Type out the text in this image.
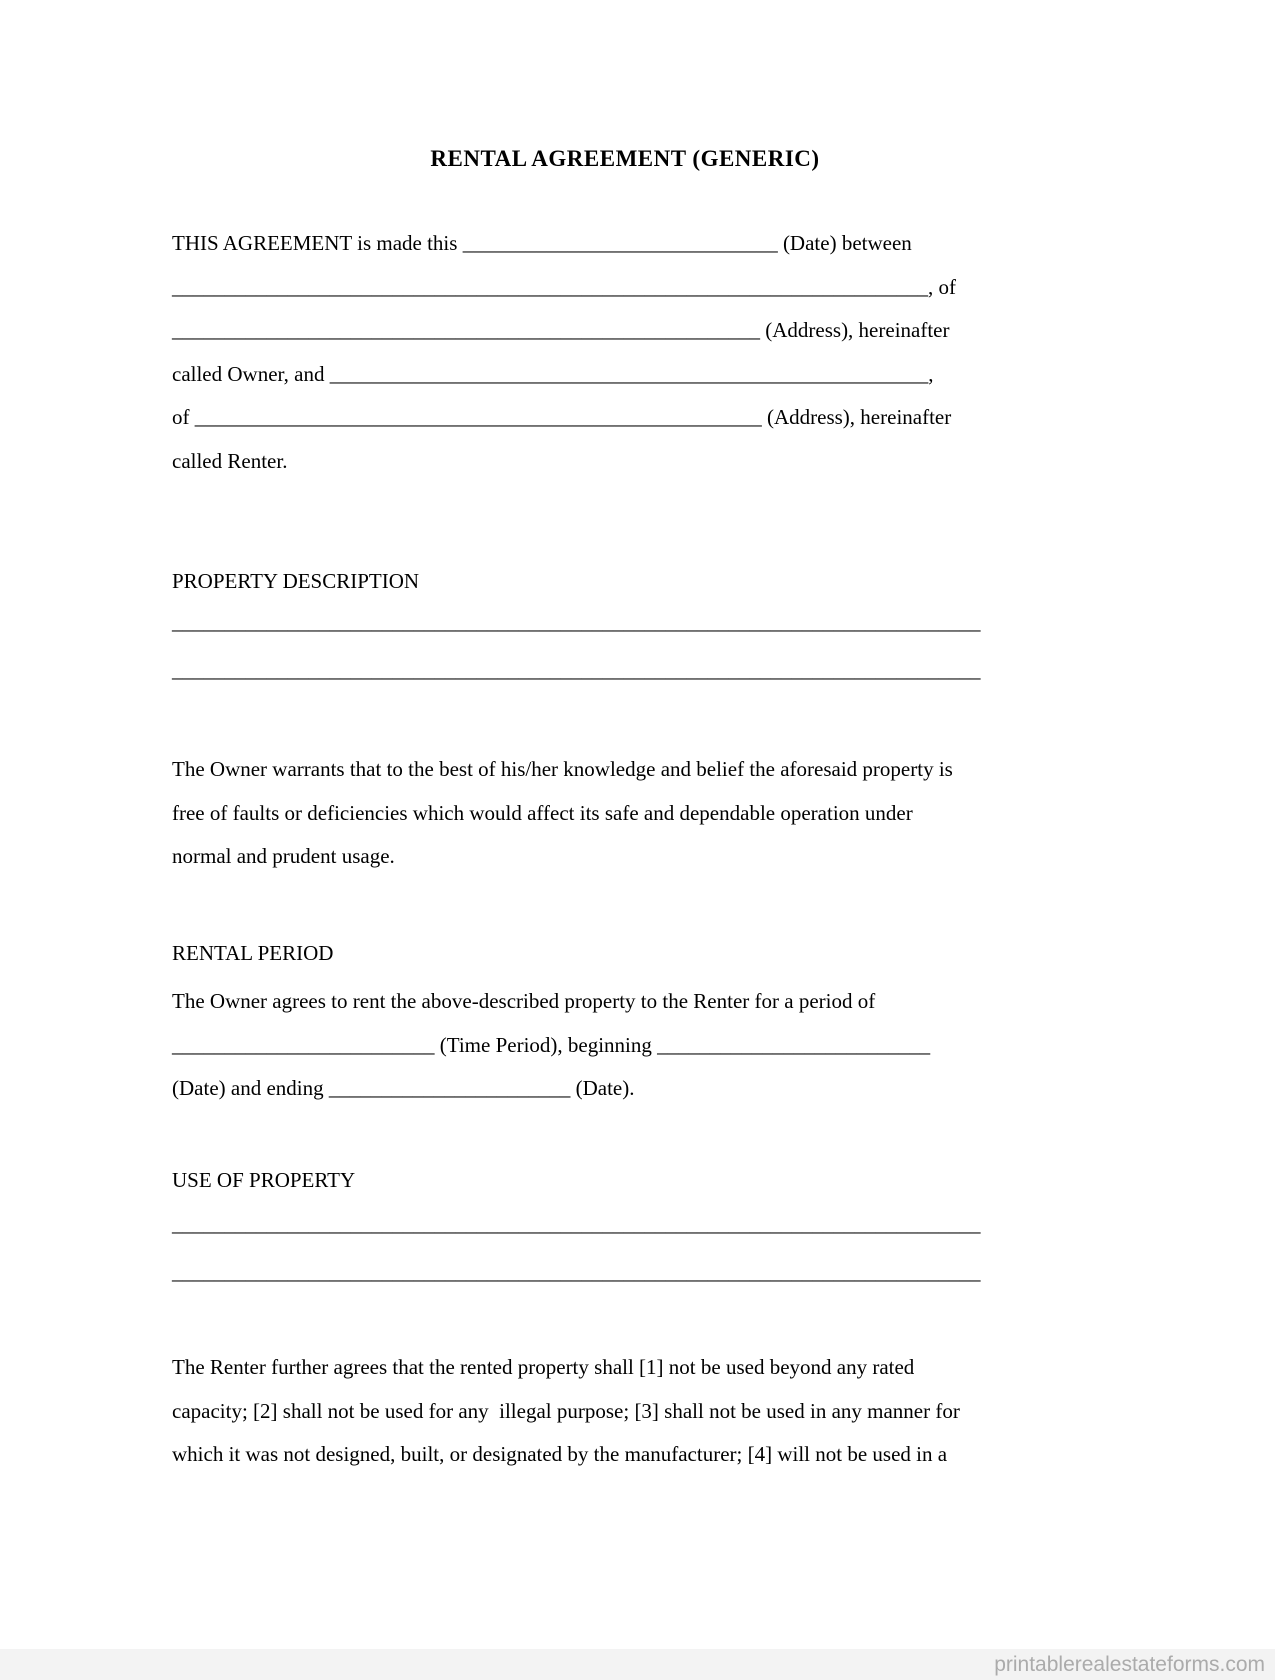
RENTAL AGREEMENT (GENERIC)
THIS AGREEMENT is made this ______________________________ (Date) between
________________________________________________________________________, of
________________________________________________________ (Address), hereinafter
called Owner, and _________________________________________________________,
of ______________________________________________________ (Address), hereinafter
called Renter.
PROPERTY DESCRIPTION
_____________________________________________________________________________
_____________________________________________________________________________
The Owner warrants that to the best of his/her knowledge and belief the aforesaid property is
free of faults or deficiencies which would affect its safe and dependable operation under
normal and prudent usage.
RENTAL PERIOD
The Owner agrees to rent the above-described property to the Renter for a period of
_________________________ (Time Period), beginning __________________________
(Date) and ending _______________________ (Date).
USE OF PROPERTY
_____________________________________________________________________________
_____________________________________________________________________________
The Renter further agrees that the rented property shall [1] not be used beyond any rated
capacity; [2] shall not be used for any  illegal purpose; [3] shall not be used in any manner for
which it was not designed, built, or designated by the manufacturer; [4] will not be used in a
printablerealestateforms.com
